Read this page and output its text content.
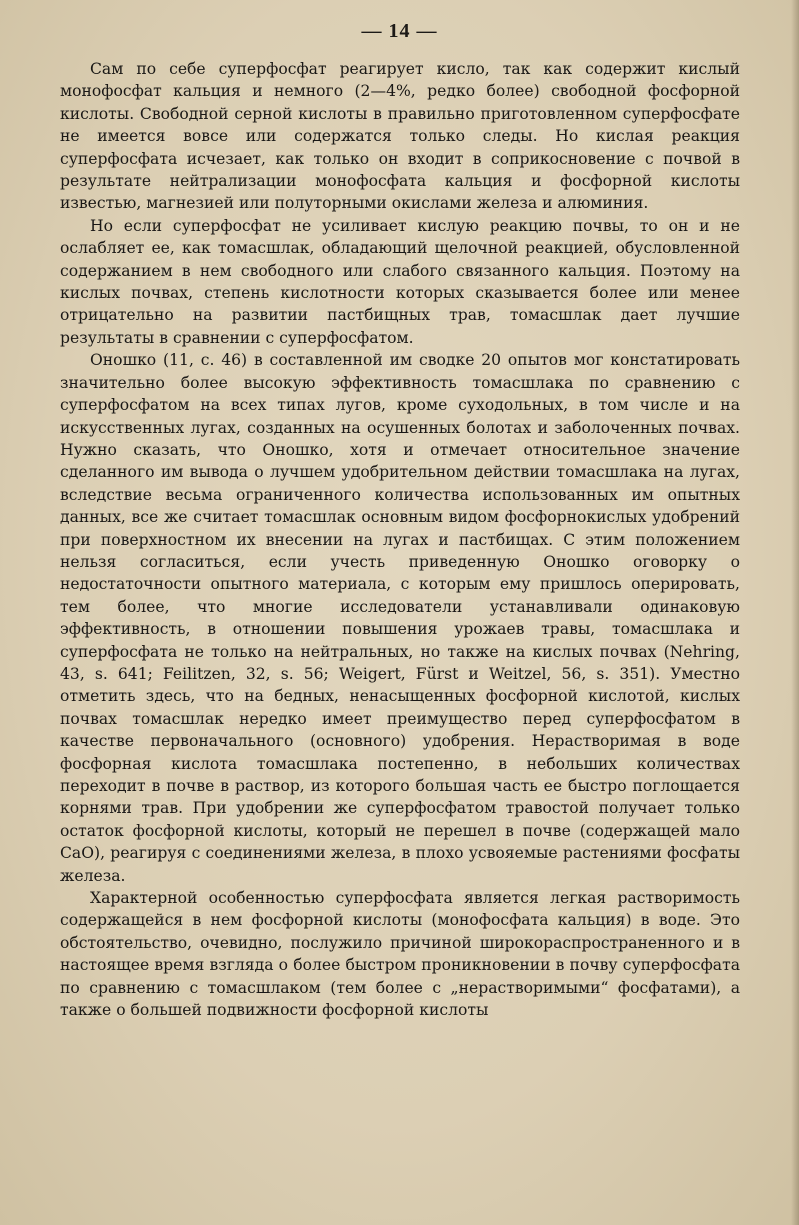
— 14 —

Сам по себе суперфосфат реагирует кисло, так как содержит кислый монофосфат кальция и немного (2—4%, редко более) свободной фосфорной кислоты. Свободной серной кислоты в правильно приготовленном суперфосфате не имеется вовсе или содержатся только следы. Но кислая реакция суперфосфата исчезает, как только он входит в соприкосновение с почвой в результате нейтрализации монофосфата кальция и фосфорной кислоты известью, магнезией или полуторными окислами железа и алюминия.

Но если суперфосфат не усиливает кислую реакцию почвы, то он и не ослабляет ее, как томасшлак, обладающий щелочной реакцией, обусловленной содержанием в нем свободного или слабого связанного кальция. Поэтому на кислых почвах, степень кислотности которых сказывается более или менее отрицательно на развитии пастбищных трав, томасшлак дает лучшие результаты в сравнении с суперфосфатом.

Оношко (11, с. 46) в составленной им сводке 20 опытов мог констатировать значительно более высокую эффективность томасшлака по сравнению с суперфосфатом на всех типах лугов, кроме суходольных, в том числе и на искусственных лугах, созданных на осушенных болотах и заболоченных почвах. Нужно сказать, что Оношко, хотя и отмечает относительное значение сделанного им вывода о лучшем удобрительном действии томасшлака на лугах, вследствие весьма ограниченного количества использованных им опытных данных, все же считает томасшлак основным видом фосфорнокислых удобрений при поверхностном их внесении на лугах и пастбищах. С этим положением нельзя согласиться, если учесть приведенную Оношко оговорку о недостаточности опытного материала, с которым ему пришлось оперировать, тем более, что многие исследователи устанавливали одинаковую эффективность, в отношении повышения урожаев травы, томасшлака и суперфосфата не только на нейтральных, но также на кислых почвах (Nehring, 43, s. 641; Feilitzen, 32, s. 56; Weigert, Fürst и Weitzel, 56, s. 351). Уместно отметить здесь, что на бедных, ненасыщенных фосфорной кислотой, кислых почвах томасшлак нередко имеет преимущество перед суперфосфатом в качестве первоначального (основного) удобрения. Нерастворимая в воде фосфорная кислота томасшлака постепенно, в небольших количествах переходит в почве в раствор, из которого большая часть ее быстро поглощается корнями трав. При удобрении же суперфосфатом травостой получает только остаток фосфорной кислоты, который не перешел в почве (содержащей мало CaO), реагируя с соединениями железа, в плохо усвояемые растениями фосфаты железа.

Характерной особенностью суперфосфата является легкая растворимость содержащейся в нем фосфорной кислоты (монофосфата кальция) в воде. Это обстоятельство, очевидно, послужило причиной широкораспространенного и в настоящее время взгляда о более быстром проникновении в почву суперфосфата по сравнению с томасшлаком (тем более с „нерастворимыми“ фосфатами), а также о большей подвижности фосфорной кислоты
